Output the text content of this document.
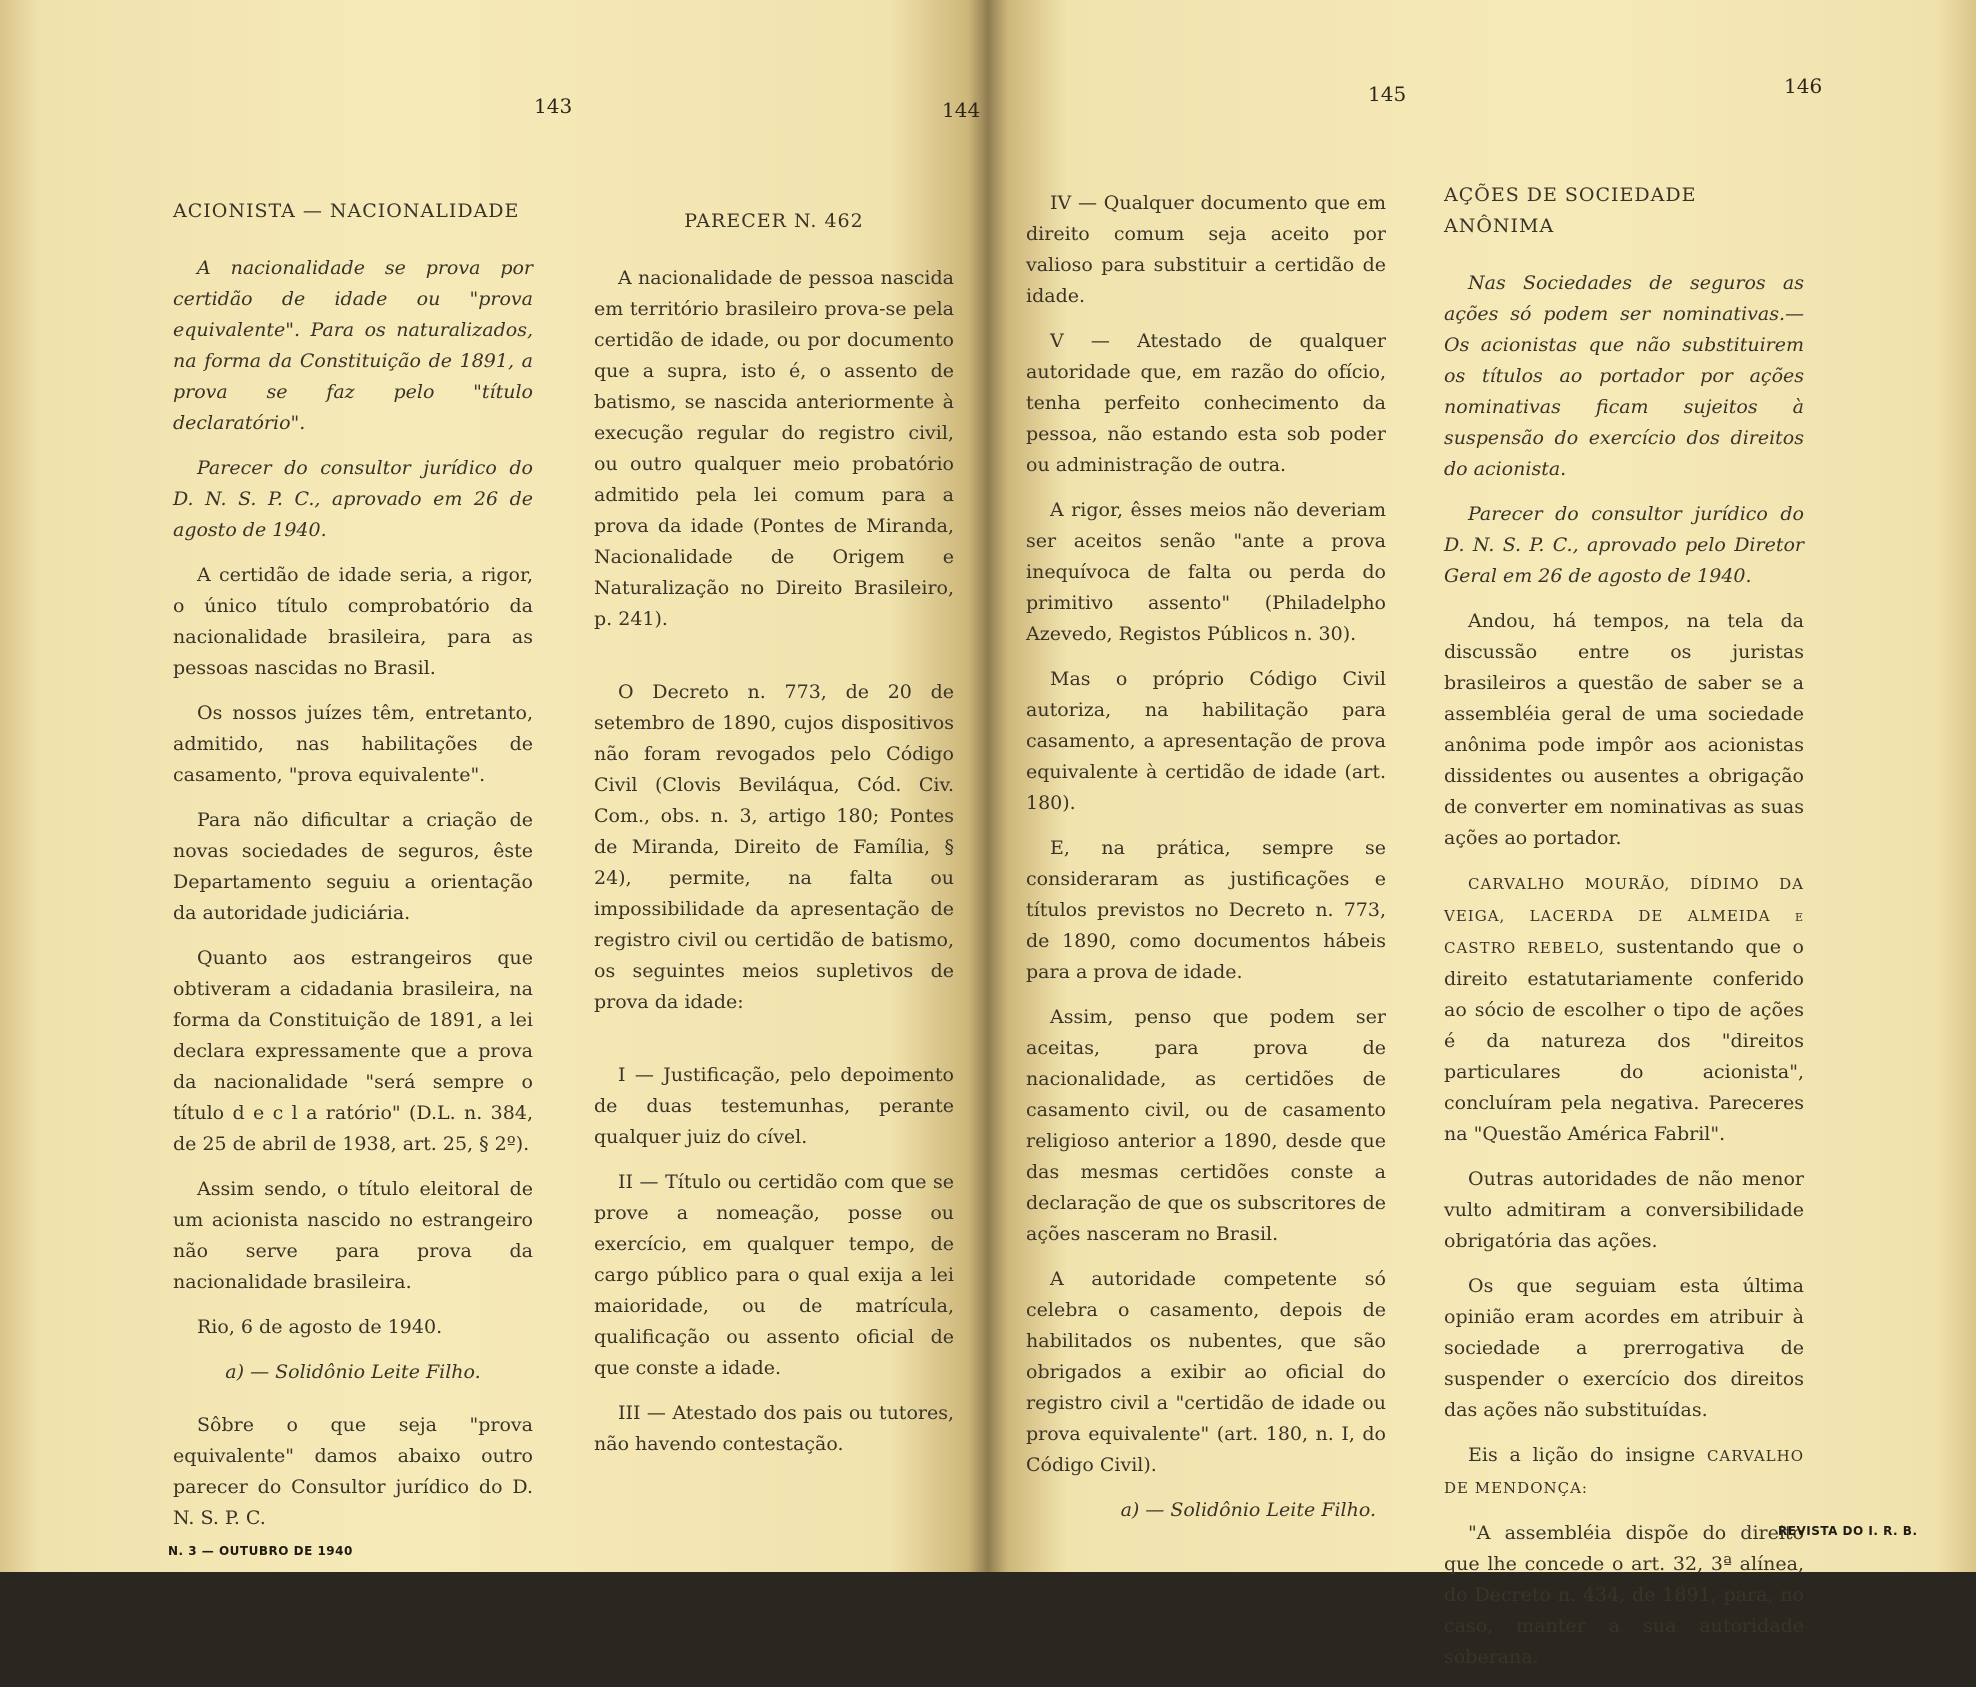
143	144
ACIONISTA — NACIONALIDADE

A nacionalidade se prova por certidão de idade ou "prova equivalente". Para os naturalizados, na forma da Constituição de 1891, a prova se faz pelo "título declaratório".

Parecer do consultor jurídico do D. N. S. P. C., aprovado em 26 de agosto de 1940.

A certidão de idade seria, a rigor, o único título comprobatório da nacionalidade brasileira, para as pessoas nascidas no Brasil.

Os nossos juízes têm, entretanto, admitido, nas habilitações de casamento, "prova equivalente".

Para não dificultar a criação de novas sociedades de seguros, êste Departamento seguiu a orientação da autoridade judiciária.

Quanto aos estrangeiros que obtiveram a cidadania brasileira, na forma da Constituição de 1891, a lei declara expressamente que a prova da nacionalidade "será sempre o título d e c l a ratório" (D.L. n. 384, de 25 de abril de 1938, art. 25, § 2º).

Assim sendo, o título eleitoral de um acionista nascido no estrangeiro não serve para prova da nacionalidade brasileira.

Rio, 6 de agosto de 1940.

a) — Solidônio Leite Filho.

Sôbre o que seja "prova equivalente" damos abaixo outro parecer do Consultor jurídico do D. N. S. P. C.

PARECER N. 462

A nacionalidade de pessoa nascida em território brasileiro prova-se pela certidão de idade, ou por documento que a supra, isto é, o assento de batismo, se nascida anteriormente à execução regular do registro civil, ou outro qualquer meio probatório admitido pela lei comum para a prova da idade (Pontes de Miranda, Nacionalidade de Origem e Naturalização no Direito Brasileiro, p. 241).

O Decreto n. 773, de 20 de setembro de 1890, cujos dispositivos não foram revogados pelo Código Civil (Clovis Beviláqua, Cód. Civ. Com., obs. n. 3, artigo 180; Pontes de Miranda, Direito de Família, § 24), permite, na falta ou impossibilidade da apresentação de registro civil ou certidão de batismo, os seguintes meios supletivos de prova da idade:

I — Justificação, pelo depoimento de duas testemunhas, perante qualquer juiz do cível.

II — Título ou certidão com que se prove a nomeação, posse ou exercício, em qualquer tempo, de cargo público para o qual exija a lei maioridade, ou de matrícula, qualificação ou assento oficial de que conste a idade.

III — Atestado dos pais ou tutores, não havendo contestação.

N. 3 — OUTUBRO DE 1940
145	146

IV — Qualquer documento que em direito comum seja aceito por valioso para substituir a certidão de idade.

V — Atestado de qualquer autoridade que, em razão do ofício, tenha perfeito conhecimento da pessoa, não estando esta sob poder ou administração de outra.

A rigor, êsses meios não deveriam ser aceitos senão "ante a prova inequívoca de falta ou perda do primitivo assento" (Philadelpho Azevedo, Registos Públicos n. 30).

Mas o próprio Código Civil autoriza, na habilitação para casamento, a apresentação de prova equivalente à certidão de idade (art. 180).

E, na prática, sempre se consideraram as justificações e títulos previstos no Decreto n. 773, de 1890, como documentos hábeis para a prova de idade.

Assim, penso que podem ser aceitas, para prova de nacionalidade, as certidões de casamento civil, ou de casamento religioso anterior a 1890, desde que das mesmas certidões conste a declaração de que os subscritores de ações nasceram no Brasil.

A autoridade competente só celebra o casamento, depois de habilitados os nubentes, que são obrigados a exibir ao oficial do registro civil a "certidão de idade ou prova equivalente" (art. 180, n. I, do Código Civil).

a) — Solidônio Leite Filho.
AÇÕES DE SOCIEDADE ANÔNIMA

Nas Sociedades de seguros as ações só podem ser nominativas.— Os acionistas que não substituirem os títulos ao portador por ações nominativas ficam sujeitos à suspensão do exercício dos direitos do acionista.

Parecer do consultor jurídico do D. N. S. P. C., aprovado pelo Diretor Geral em 26 de agosto de 1940.

Andou, há tempos, na tela da discussão entre os juristas brasileiros a questão de saber se a assembléia geral de uma sociedade anônima pode impôr aos acionistas dissidentes ou ausentes a obrigação de converter em nominativas as suas ações ao portador.

CARVALHO MOURÃO, DÍDIMO DA VEIGA, LACERDA DE ALMEIDA e CASTRO REBELO, sustentando que o direito estatutariamente conferido ao sócio de escolher o tipo de ações é da natureza dos "direitos particulares do acionista", concluíram pela negativa. Pareceres na "Questão América Fabril".

Outras autoridades de não menor vulto admitiram a conversibilidade obrigatória das ações.

Os que seguiam esta última opinião eram acordes em atribuir à sociedade a prerrogativa de suspender o exercício dos direitos das ações não substituídas.

Eis a lição do insigne CARVALHO DE MENDONÇA:

"A assembléia dispõe do direito que lhe concede o art. 32, 3ª alínea, do Decreto n. 434, de 1891, para, no caso, manter a sua autoridade soberana.

REVISTA DO I. R. B.
